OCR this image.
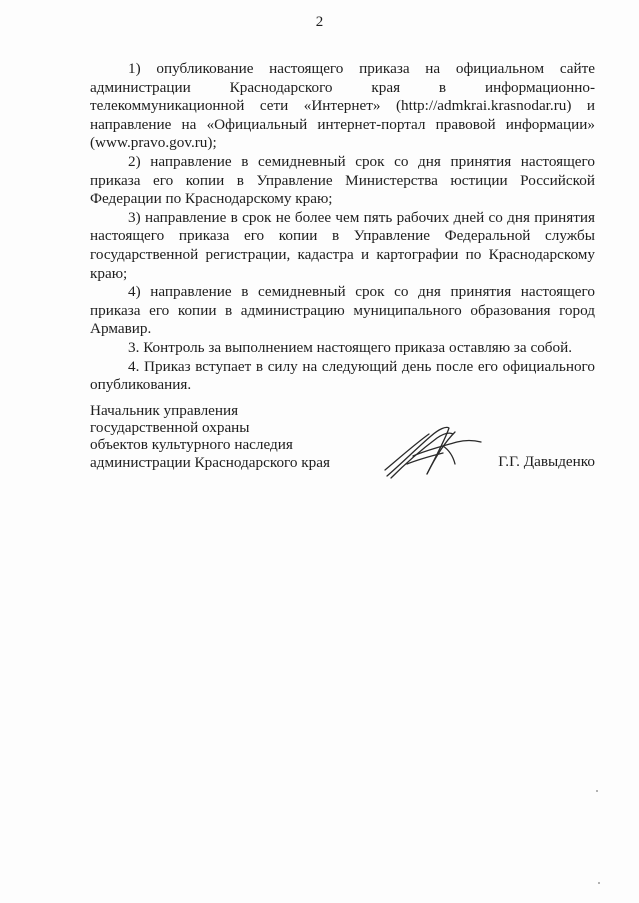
2

1) опубликование настоящего приказа на официальном сайте администрации Краснодарского края в информационно-телекоммуникационной сети «Интернет» (http://admkrai.krasnodar.ru) и направление на «Официальный интернет-портал правовой информации» (www.pravo.gov.ru);

2) направление в семидневный срок со дня принятия настоящего приказа его копии в Управление Министерства юстиции Российской Федерации по Краснодарскому краю;

3) направление в срок не более чем пять рабочих дней со дня принятия настоящего приказа его копии в Управление Федеральной службы государственной регистрации, кадастра и картографии по Краснодарскому краю;

4) направление в семидневный срок со дня принятия настоящего приказа его копии в администрацию муниципального образования город Армавир.

3. Контроль за выполнением настоящего приказа оставляю за собой.

4. Приказ вступает в силу на следующий день после его официального опубликования.

Начальник управления
государственной охраны
объектов культурного наследия
администрации Краснодарского края	Г.Г. Давыденко
